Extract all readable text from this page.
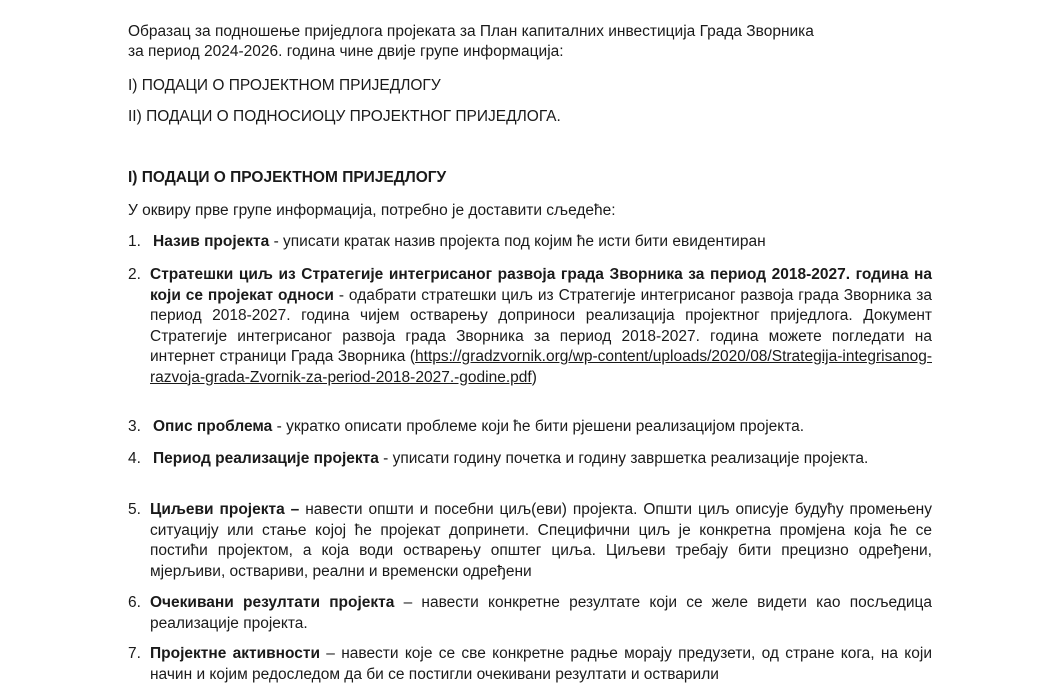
Образац за подношење приједлога пројеката за План капиталних инвестиција Града Зворника
за период 2024-2026. година чине двије групе информација:
I) ПОДАЦИ О ПРОЈЕКТНОМ ПРИЈЕДЛОГУ
II) ПОДАЦИ О ПОДНОСИОЦУ ПРОЈЕКТНОГ ПРИЈЕДЛОГА.
I) ПОДАЦИ О ПРОЈЕКТНОМ ПРИЈЕДЛОГУ
У оквиру прве групе информација, потребно је доставити сљедеће:
1. Назив пројекта - уписати кратак назив пројекта под којим ће исти бити евидентиран
2. Стратешки циљ из Стратегије интегрисаног развоја града Зворника за период 2018-2027. година на који се пројекат односи - одабрати стратешки циљ из Стратегије интегрисаног развоја града Зворника за период 2018-2027. година чијем остварењу доприноси реализација пројектног приједлога. Документ Стратегије интегрисаног развоја града Зворника за период 2018-2027. година можете погледати на интернет страници Града Зворника (https://gradzvornik.org/wp-content/uploads/2020/08/Strategija-integrisanog-razvoja-grada-Zvornik-za-period-2018-2027.-godine.pdf)
3. Опис проблема - укратко описати проблеме који ће бити рјешени реализацијом пројекта.
4. Период реализације пројекта - уписати годину почетка и годину завршетка реализације пројекта.
5. Циљеви пројекта – навести општи и посебни циљ(еви) пројекта. Општи циљ описује будућу промењену ситуацију или стање којој ће пројекат допринети. Специфични циљ је конкретна промјена која ће се постићи пројектом, а која води остварењу општег циља. Циљеви требају бити прецизно одређени, мјерљиви, оствариви, реални и временски одређени
6. Очекивани резултати пројекта – навести конкретне резултате који се желе видети као посљедица реализације пројекта.
7. Пројектне активности – навести које се све конкретне радње морају предузети, од стране кога, на који начин и којим редоследом да би се постигли очекивани резултати и остварили
